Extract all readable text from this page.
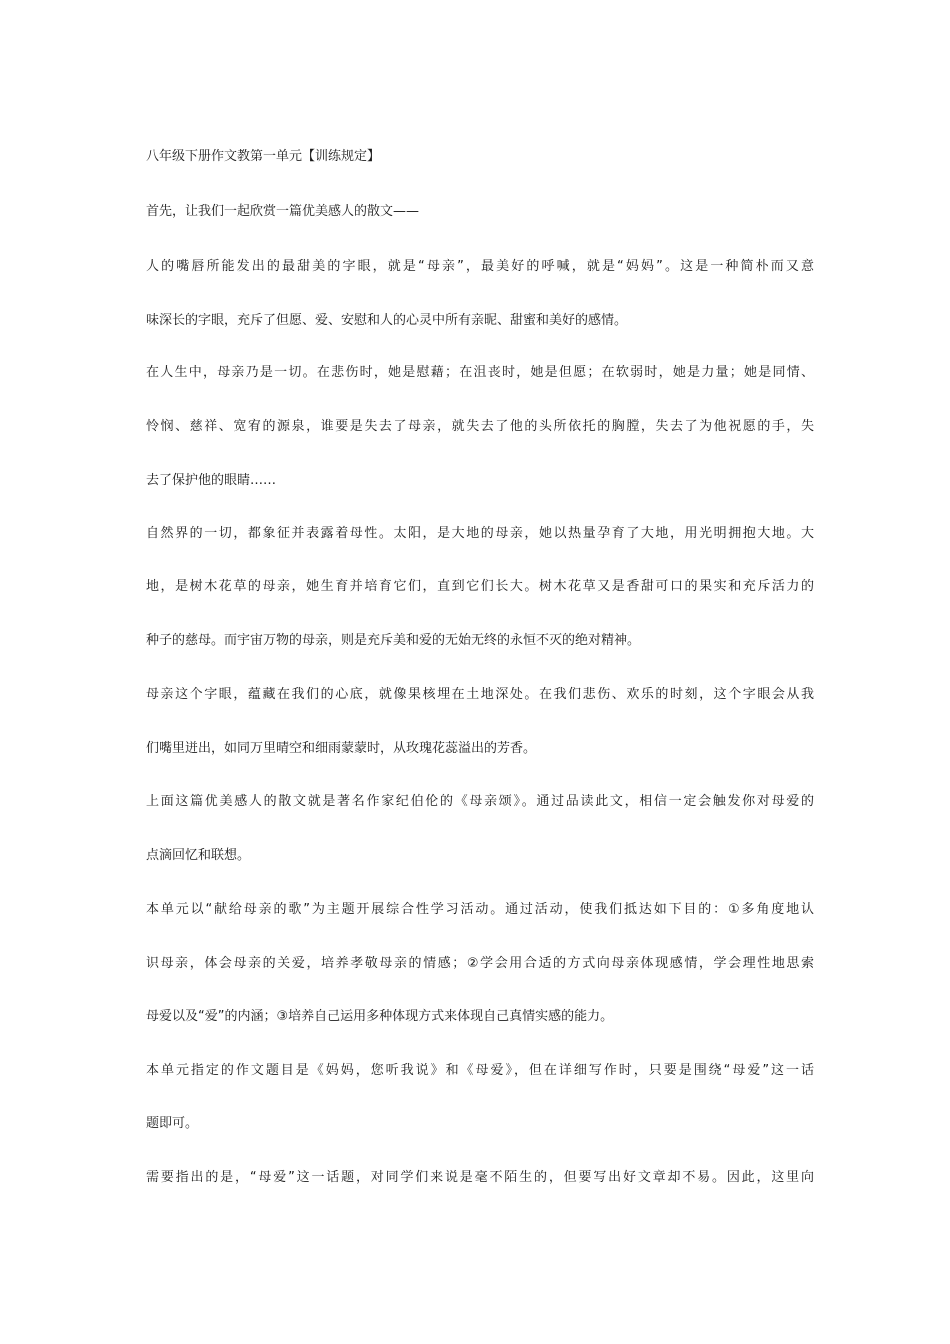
八年级下册作文教第一单元【训练规定】
首先，让我们一起欣赏一篇优美感人的散文——
人的嘴唇所能发出的最甜美的字眼，就是“母亲”，最美好的呼喊，就是“妈妈”。这是一种简朴而又意
味深长的字眼，充斥了但愿、爱、安慰和人的心灵中所有亲昵、甜蜜和美好的感情。
在人生中，母亲乃是一切。在悲伤时，她是慰藉；在沮丧时，她是但愿；在软弱时，她是力量；她是同情、
怜悯、慈祥、宽宥的源泉，谁要是失去了母亲，就失去了他的头所依托的胸膛，失去了为他祝愿的手，失
去了保护他的眼睛……
自然界的一切，都象征并表露着母性。太阳，是大地的母亲，她以热量孕育了大地，用光明拥抱大地。大
地，是树木花草的母亲，她生育并培育它们，直到它们长大。树木花草又是香甜可口的果实和充斥活力的
种子的慈母。而宇宙万物的母亲，则是充斥美和爱的无始无终的永恒不灭的绝对精神。
母亲这个字眼，蕴藏在我们的心底，就像果核埋在土地深处。在我们悲伤、欢乐的时刻，这个字眼会从我
们嘴里迸出，如同万里晴空和细雨蒙蒙时，从玫瑰花蕊溢出的芳香。
上面这篇优美感人的散文就是著名作家纪伯伦的《母亲颂》。通过品读此文，相信一定会触发你对母爱的
点滴回忆和联想。
本单元以“献给母亲的歌”为主题开展综合性学习活动。通过活动，使我们抵达如下目的：①多角度地认
识母亲，体会母亲的关爱，培养孝敬母亲的情感；②学会用合适的方式向母亲体现感情，学会理性地思索
母爱以及“爱”的内涵；③培养自己运用多种体现方式来体现自己真情实感的能力。
本单元指定的作文题目是《妈妈，您听我说》和《母爱》，但在详细写作时，只要是围绕“母爱”这一话
题即可。
需要指出的是，“母爱”这一话题，对同学们来说是毫不陌生的，但要写出好文章却不易。因此，这里向
